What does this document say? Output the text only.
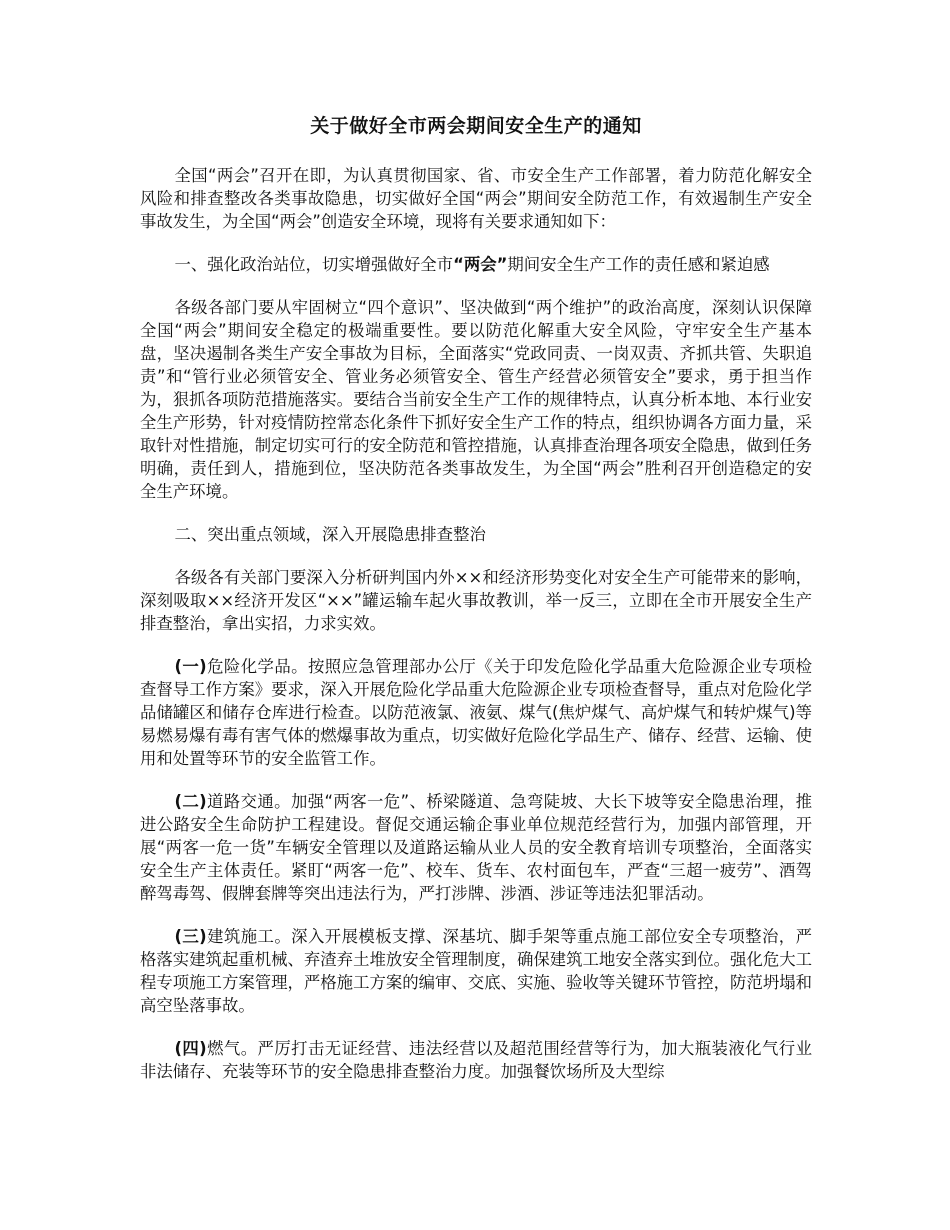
关于做好全市两会期间安全生产的通知

全国“两会”召开在即，为认真贯彻国家、省、市安全生产工作部署，着力防范化解安全风险和排查整改各类事故隐患，切实做好全国“两会”期间安全防范工作，有效遏制生产安全事故发生，为全国“两会”创造安全环境，现将有关要求通知如下：

一、强化政治站位，切实增强做好全市“两会”期间安全生产工作的责任感和紧迫感

各级各部门要从牢固树立“四个意识”、坚决做到“两个维护”的政治高度，深刻认识保障全国“两会”期间安全稳定的极端重要性。要以防范化解重大安全风险，守牢安全生产基本盘，坚决遏制各类生产安全事故为目标，全面落实“党政同责、一岗双责、齐抓共管、失职追责”和“管行业必须管安全、管业务必须管安全、管生产经营必须管安全”要求，勇于担当作为，狠抓各项防范措施落实。要结合当前安全生产工作的规律特点，认真分析本地、本行业安全生产形势，针对疫情防控常态化条件下抓好安全生产工作的特点，组织协调各方面力量，采取针对性措施，制定切实可行的安全防范和管控措施，认真排查治理各项安全隐患，做到任务明确，责任到人，措施到位，坚决防范各类事故发生，为全国“两会”胜利召开创造稳定的安全生产环境。

二、突出重点领域，深入开展隐患排查整治

各级各有关部门要深入分析研判国内外××和经济形势变化对安全生产可能带来的影响，深刻吸取××经济开发区“××”罐运输车起火事故教训，举一反三，立即在全市开展安全生产排查整治，拿出实招，力求实效。

(一)危险化学品。按照应急管理部办公厅《关于印发危险化学品重大危险源企业专项检查督导工作方案》要求，深入开展危险化学品重大危险源企业专项检查督导，重点对危险化学品储罐区和储存仓库进行检查。以防范液氯、液氨、煤气(焦炉煤气、高炉煤气和转炉煤气)等易燃易爆有毒有害气体的燃爆事故为重点，切实做好危险化学品生产、储存、经营、运输、使用和处置等环节的安全监管工作。

(二)道路交通。加强“两客一危”、桥梁隧道、急弯陡坡、大长下坡等安全隐患治理，推进公路安全生命防护工程建设。督促交通运输企事业单位规范经营行为，加强内部管理，开展“两客一危一货”车辆安全管理以及道路运输从业人员的安全教育培训专项整治，全面落实安全生产主体责任。紧盯“两客一危”、校车、货车、农村面包车，严查“三超一疲劳”、酒驾醉驾毒驾、假牌套牌等突出违法行为，严打涉牌、涉酒、涉证等违法犯罪活动。

(三)建筑施工。深入开展模板支撑、深基坑、脚手架等重点施工部位安全专项整治，严格落实建筑起重机械、弃渣弃土堆放安全管理制度，确保建筑工地安全落实到位。强化危大工程专项施工方案管理，严格施工方案的编审、交底、实施、验收等关键环节管控，防范坍塌和高空坠落事故。

(四)燃气。严厉打击无证经营、违法经营以及超范围经营等行为，加大瓶装液化气行业非法储存、充装等环节的安全隐患排查整治力度。加强餐饮场所及大型综
